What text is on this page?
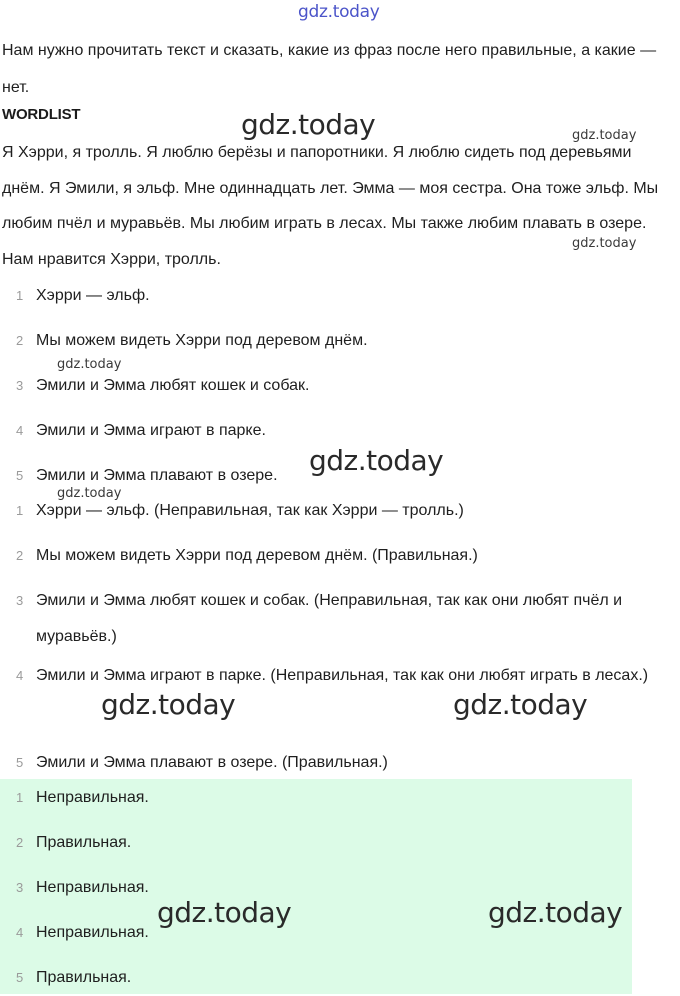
gdz.today

Нам нужно прочитать текст и сказать, какие из фраз после него правильные, а какие — нет.

WORDLIST

Я Хэрри, я тролль. Я люблю берёзы и папоротники. Я люблю сидеть под деревьями днём. Я Эмили, я эльф. Мне одиннадцать лет. Эмма — моя сестра. Она тоже эльф. Мы любим пчёл и муравьёв. Мы любим играть в лесах. Мы также любим плавать в озере. Нам нравится Хэрри, тролль.

1 Хэрри — эльф.
2 Мы можем видеть Хэрри под деревом днём.
3 Эмили и Эмма любят кошек и собак.
4 Эмили и Эмма играют в парке.
5 Эмили и Эмма плавают в озере.
1 Хэрри — эльф. (Неправильная, так как Хэрри — тролль.)
2 Мы можем видеть Хэрри под деревом днём. (Правильная.)
3 Эмили и Эмма любят кошек и собак. (Неправильная, так как они любят пчёл и муравьёв.)
4 Эмили и Эмма играют в парке. (Неправильная, так как они любят играть в лесах.)
5 Эмили и Эмма плавают в озере. (Правильная.)
1 Неправильная.
2 Правильная.
3 Неправильная.
4 Неправильная.
5 Правильная.
gdz.today	gdz.today
gdz.today
gdz.today
gdz.today
gdz.today
gdz.today	gdz.today
gdz.today	gdz.today
